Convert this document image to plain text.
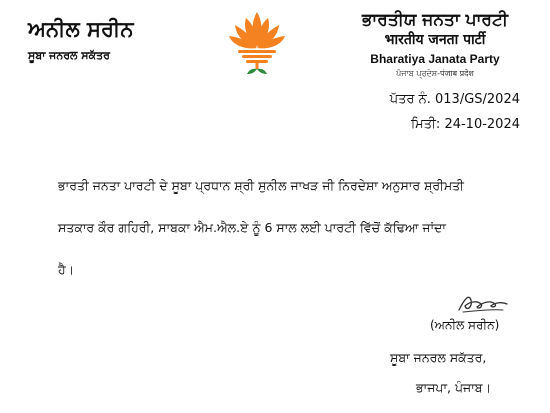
ਅਨੀਲ ਸਰੀਨ
ਸੂਬਾ ਜਨਰਲ ਸਕੱਤਰ
ਭਾਰਤੀਯ ਜਨਤਾ ਪਾਰਟੀ
भारतीय जनता पार्टी
Bharatiya Janata Party
ਪੰਜਾਬ ਪ੍ਰਦੇਸ਼-पंजाब प्रदेश
ਪੱਤਰ ਨੰ. 013/GS/2024
ਮਿਤੀ: 24-10-2024
ਭਾਰਤੀ ਜਨਤਾ ਪਾਰਟੀ ਦੇ ਸੂਬਾ ਪ੍ਰਧਾਨ ਸ਼੍ਰੀ ਸੁਨੀਲ ਜਾਖੜ ਜੀ ਨਿਰਦੇਸ਼ਾ ਅਨੁਸਾਰ ਸ਼੍ਰੀਮਤੀ
ਸਤਕਾਰ ਕੌਰ ਗਹਿਰੀ, ਸਾਬਕਾ ਐਮ.ਐਲ.ਏ ਨੂੰ 6 ਸਾਲ ਲਈ ਪਾਰਟੀ ਵਿੱਚੋਂ ਕੱਢਿਆ ਜਾਂਦਾ
ਹੈ।
(ਅਨੀਲ ਸਰੀਨ)
ਸੂਬਾ ਜਨਰਲ ਸਕੱਤਰ,
ਭਾਜਪਾ, ਪੰਜਾਬ।
